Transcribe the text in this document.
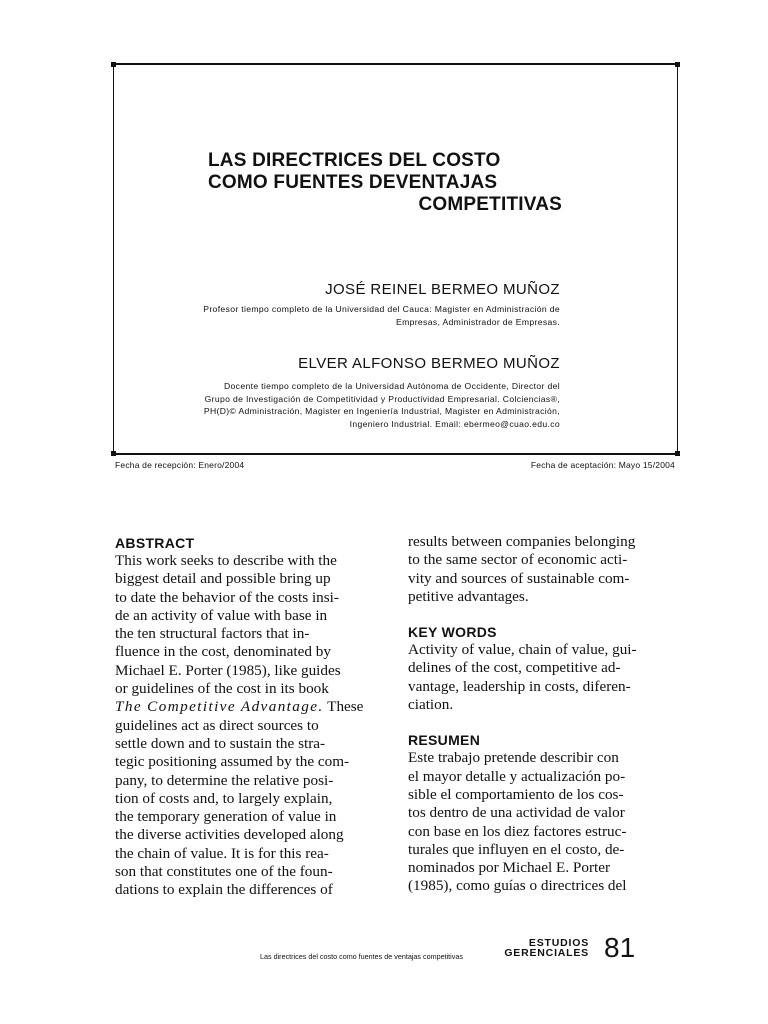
LAS DIRECTRICES DEL COSTO
COMO FUENTES DEVENTAJAS
COMPETITIVAS
JOSÉ REINEL BERMEO MUÑOZ
Profesor tiempo completo de la Universidad del Cauca: Magister en Administración de
Empresas, Administrador de Empresas.
ELVER ALFONSO BERMEO MUÑOZ
Docente tiempo completo de la Universidad Autónoma de Occidente, Director del
Grupo de Investigación de Competitividad y Productividad Empresarial. Colciencias®,
PH(D)© Administración, Magister en Ingeniería Industrial, Magister en Administración,
Ingeniero Industrial. Email: ebermeo@cuao.edu.co
Fecha de recepción: Enero/2004	Fecha de aceptación: Mayo 15/2004
ABSTRACT

This work seeks to describe with the
biggest detail and possible bring up
to date the behavior of the costs insi-
de an activity of value with base in
the ten structural factors that in-
fluence in the cost, denominated by
Michael E. Porter (1985), like guides
or guidelines of the cost in its book
The Competitive Advantage. These
guidelines act as direct sources to
settle down and to sustain the stra-
tegic positioning assumed by the com-
pany, to determine the relative posi-
tion of costs and, to largely explain,
the temporary generation of value in
the diverse activities developed along
the chain of value. It is for this rea-
son that constitutes one of the foun-
dations to explain the differences of

results between companies belonging
to the same sector of economic acti-
vity and sources of sustainable com-
petitive advantages.

KEY WORDS

Activity of value, chain of value, gui-
delines of the cost, competitive ad-
vantage, leadership in costs, diferen-
ciation.

RESUMEN

Este trabajo pretende describir con
el mayor detalle y actualización po-
sible el comportamiento de los cos-
tos dentro de una actividad de valor
con base en los diez factores estruc-
turales que influyen en el costo, de-
nominados por Michael E. Porter
(1985), como guías o directrices del

Las directrices del costo como fuentes de ventajas competitivas
ESTUDIOS
GERENCIALES 81
